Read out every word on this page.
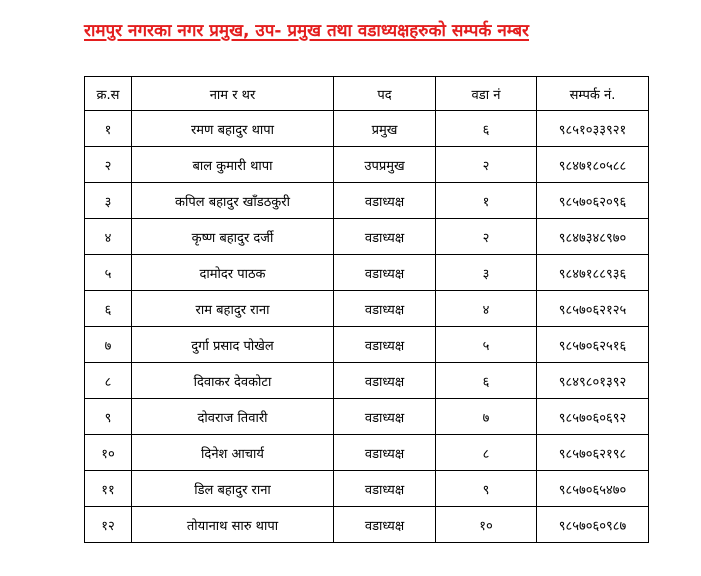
रामपुर नगरका नगर प्रमुख, उप- प्रमुख तथा वडाध्यक्षहरुको सम्पर्क नम्बर
क्र.स	नाम र थर	पद	वडा नं	सम्पर्क नं.
१	रमण बहादुर थापा	प्रमुख	६	९८५१०३३९२१
२	बाल कुमारी थापा	उपप्रमुख	२	९८४७१८०५८८
३	कपिल बहादुर खाँडठकुरी	वडाध्यक्ष	१	९८५७०६२०९६
४	कृष्ण बहादुर दर्जी	वडाध्यक्ष	२	९८४७३४८९७०
५	दामोदर पाठक	वडाध्यक्ष	३	९८४७१८८९३६
६	राम बहादुर राना	वडाध्यक्ष	४	९८५७०६२१२५
७	दुर्गा प्रसाद पोखेल	वडाध्यक्ष	५	९८५७०६२५१६
८	दिवाकर देवकोटा	वडाध्यक्ष	६	९८४९८०१३९२
९	दोवराज तिवारी	वडाध्यक्ष	७	९८५७०६०६९२
१०	दिनेश आचार्य	वडाध्यक्ष	८	९८५७०६२१९८
११	डिल बहादुर राना	वडाध्यक्ष	९	९८५७०६५४७०
१२	तोयानाथ सारु थापा	वडाध्यक्ष	१०	९८५७०६०९८७
